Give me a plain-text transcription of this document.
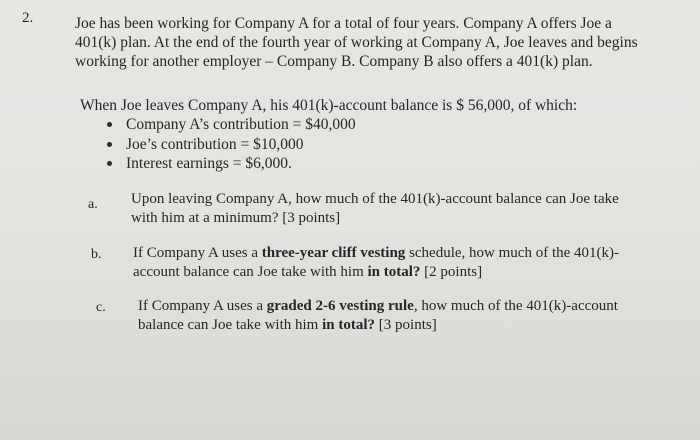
2.	Joe has been working for Company A for a total of four years. Company A offers Joe a
401(k) plan. At the end of the fourth year of working at Company A, Joe leaves and begins
working for another employer – Company B. Company B also offers a 401(k) plan.
When Joe leaves Company A, his 401(k)-account balance is $ 56,000, of which:
Company A’s contribution = $40,000
Joe’s contribution = $10,000
Interest earnings = $6,000.
a. Upon leaving Company A, how much of the 401(k)-account balance can Joe take
with him at a minimum? [3 points]
b. If Company A uses a three-year cliff vesting schedule, how much of the 401(k)-
account balance can Joe take with him in total? [2 points]
c. If Company A uses a graded 2-6 vesting rule, how much of the 401(k)-account
balance can Joe take with him in total? [3 points]
